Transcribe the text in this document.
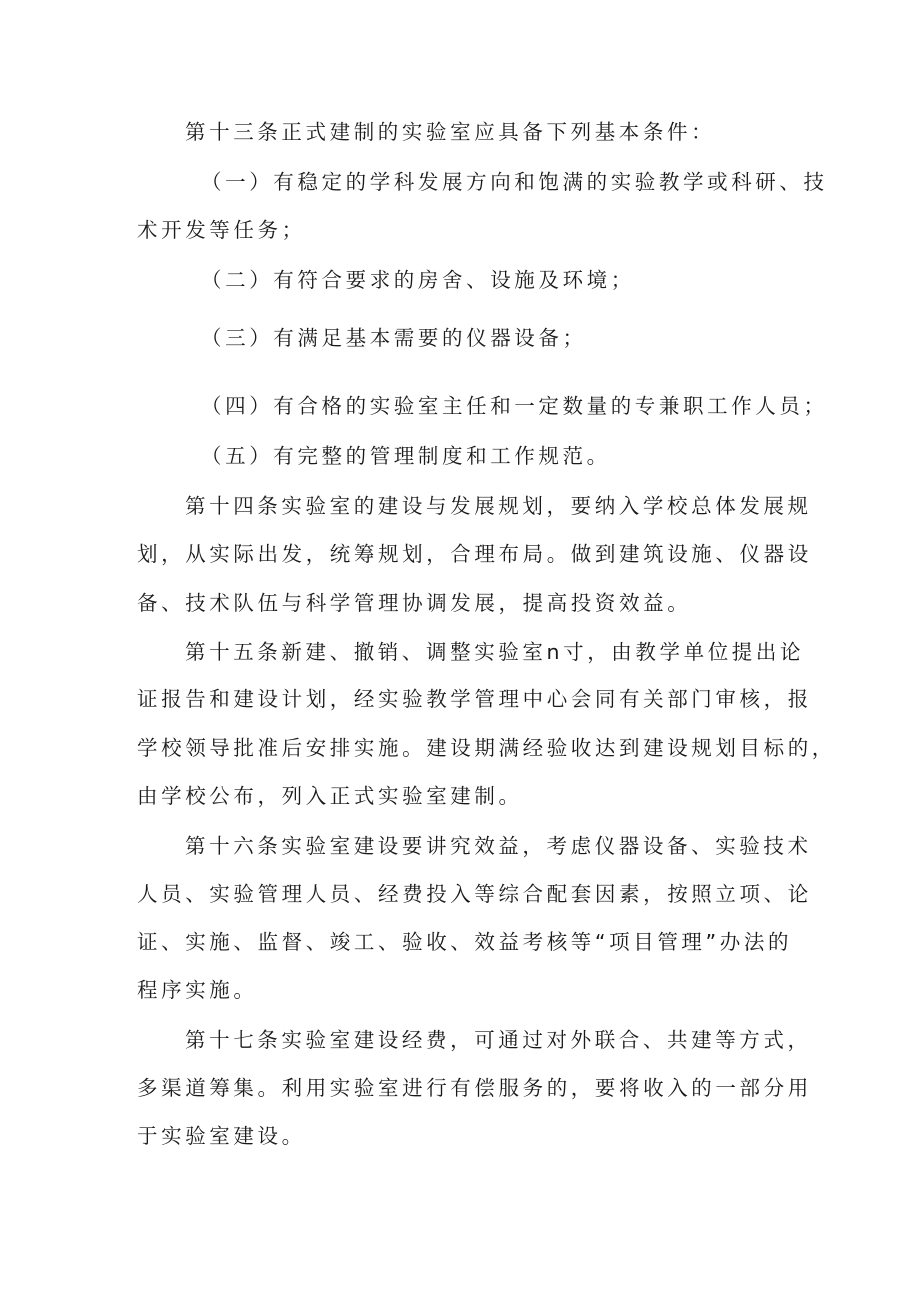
第十三条正式建制的实验室应具备下列基本条件：
（一）有稳定的学科发展方向和饱满的实验教学或科研、技
术开发等任务；
（二）有符合要求的房舍、设施及环境；
（三）有满足基本需要的仪器设备；
（四）有合格的实验室主任和一定数量的专兼职工作人员；
（五）有完整的管理制度和工作规范。
第十四条实验室的建设与发展规划，要纳入学校总体发展规
划，从实际出发，统筹规划，合理布局。做到建筑设施、仪器设
备、技术队伍与科学管理协调发展，提高投资效益。
第十五条新建、撤销、调整实验室n寸，由教学单位提出论
证报告和建设计划，经实验教学管理中心会同有关部门审核，报
学校领导批准后安排实施。建设期满经验收达到建设规划目标的，
由学校公布，列入正式实验室建制。
第十六条实验室建设要讲究效益，考虑仪器设备、实验技术
人员、实验管理人员、经费投入等综合配套因素，按照立项、论
证、实施、监督、竣工、验收、效益考核等“项目管理”办法的
程序实施。
第十七条实验室建设经费，可通过对外联合、共建等方式，
多渠道筹集。利用实验室进行有偿服务的，要将收入的一部分用
于实验室建设。
